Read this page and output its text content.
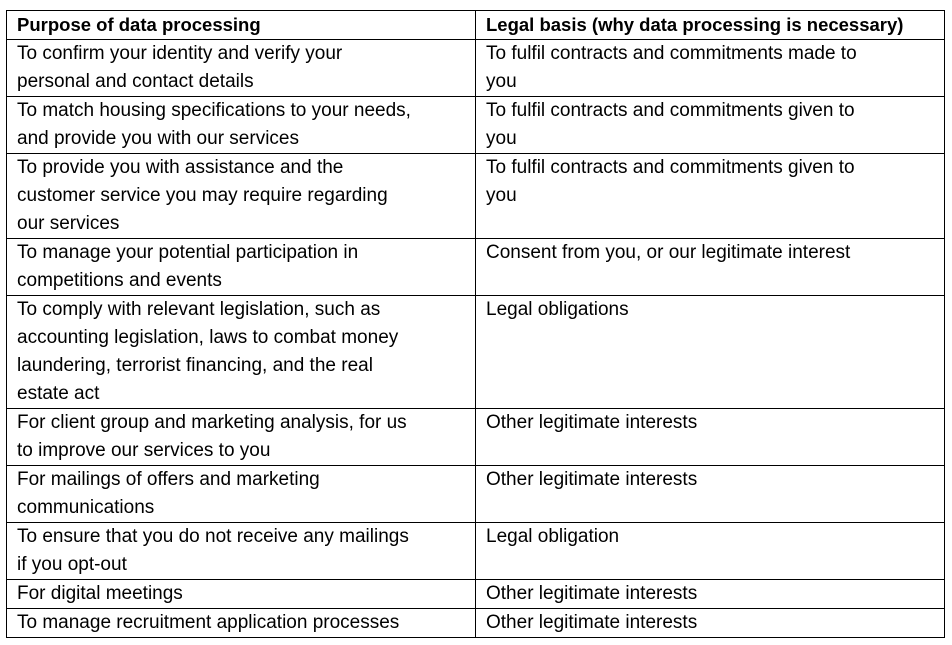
Purpose of data processing	Legal basis (why data processing is necessary)
To confirm your identity and verify your
personal and contact details	To fulfil contracts and commitments made to
you
To match housing specifications to your needs,
and provide you with our services	To fulfil contracts and commitments given to
you
To provide you with assistance and the
customer service you may require regarding
our services	To fulfil contracts and commitments given to
you
To manage your potential participation in
competitions and events	Consent from you, or our legitimate interest
To comply with relevant legislation, such as
accounting legislation, laws to combat money
laundering, terrorist financing, and the real
estate act	Legal obligations
For client group and marketing analysis, for us
to improve our services to you	Other legitimate interests
For mailings of offers and marketing
communications	Other legitimate interests
To ensure that you do not receive any mailings
if you opt-out	Legal obligation
For digital meetings	Other legitimate interests
To manage recruitment application processes	Other legitimate interests
